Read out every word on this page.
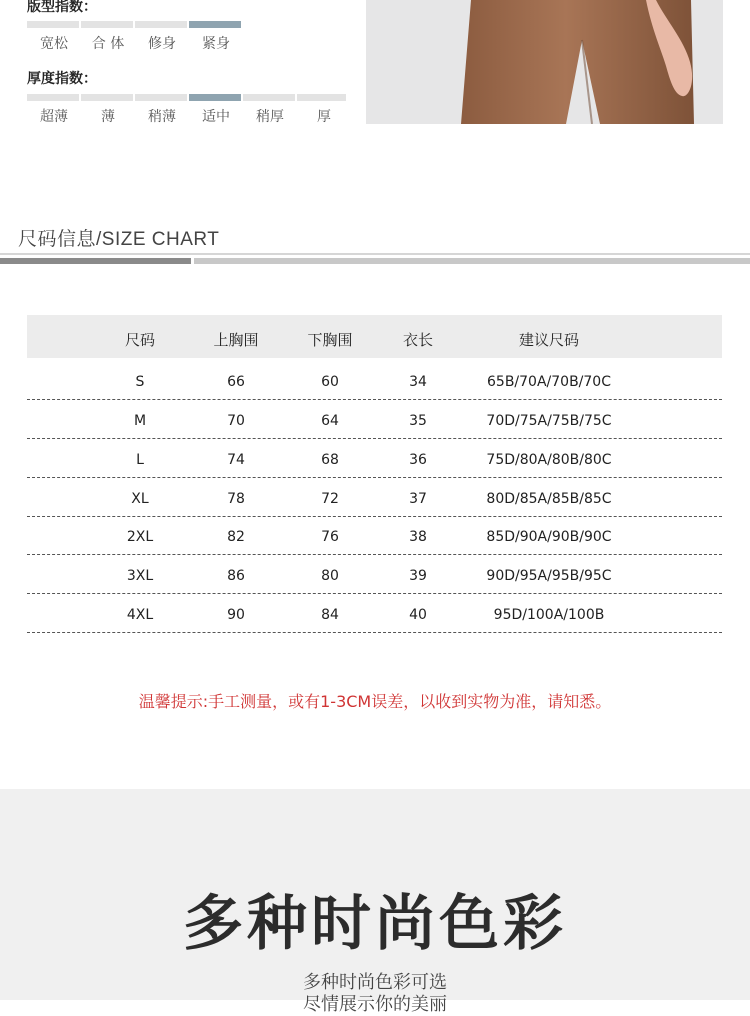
版型指数：
宽松	合 体	修身	紧身
厚度指数：
超薄	薄	稍薄	适中	稍厚	厚
尺码信息/SIZE CHART
尺码	上胸围	下胸围	衣长	建议尺码
S	66	60	34	65B/70A/70B/70C
M	70	64	35	70D/75A/75B/75C
L	74	68	36	75D/80A/80B/80C
XL	78	72	37	80D/85A/85B/85C
2XL	82	76	38	85D/90A/90B/90C
3XL	86	80	39	90D/95A/95B/95C
4XL	90	84	40	95D/100A/100B
温馨提示:手工测量，或有1-3CM误差，以收到实物为准，请知悉。
多种时尚色彩
多种时尚色彩可选
尽情展示你的美丽
